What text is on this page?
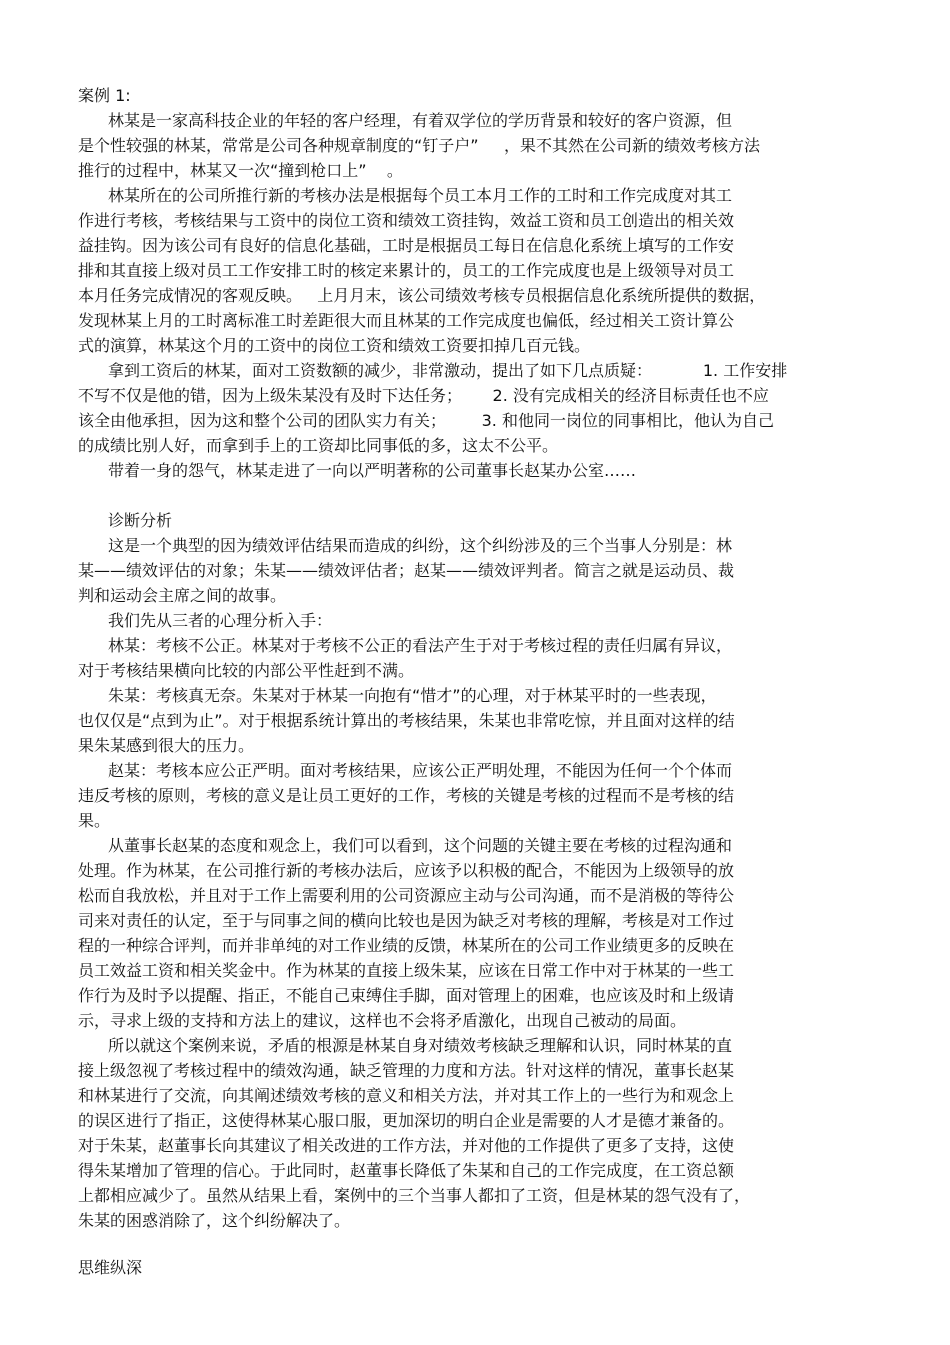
案例 1:
林某是一家高科技企业的年轻的客户经理，有着双学位的学历背景和较好的客户资源，但
是个性较强的林某，常常是公司各种规章制度的“钉子户”     ，果不其然在公司新的绩效考核方法
推行的过程中，林某又一次“撞到枪口上”    。
林某所在的公司所推行新的考核办法是根据每个员工本月工作的工时和工作完成度对其工
作进行考核，考核结果与工资中的岗位工资和绩效工资挂钩，效益工资和员工创造出的相关效
益挂钩。因为该公司有良好的信息化基础，工时是根据员工每日在信息化系统上填写的工作安
排和其直接上级对员工工作安排工时的核定来累计的，员工的工作完成度也是上级领导对员工
本月任务完成情况的客观反映。   上月月末，该公司绩效考核专员根据信息化系统所提供的数据，
发现林某上月的工时离标准工时差距很大而且林某的工作完成度也偏低，经过相关工资计算公
式的演算，林某这个月的工资中的岗位工资和绩效工资要扣掉几百元钱。
拿到工资后的林某，面对工资数额的减少，非常激动，提出了如下几点质疑：          1. 工作安排
不写不仅是他的错，因为上级朱某没有及时下达任务；      2. 没有完成相关的经济目标责任也不应
该全由他承担，因为这和整个公司的团队实力有关；       3. 和他同一岗位的同事相比，他认为自己
的成绩比别人好，而拿到手上的工资却比同事低的多，这太不公平。
带着一身的怨气，林某走进了一向以严明著称的公司董事长赵某办公室……
诊断分析
这是一个典型的因为绩效评估结果而造成的纠纷，这个纠纷涉及的三个当事人分别是：林
某——绩效评估的对象；朱某——绩效评估者；赵某——绩效评判者。简言之就是运动员、裁
判和运动会主席之间的故事。
我们先从三者的心理分析入手：
林某：考核不公正。林某对于考核不公正的看法产生于对于考核过程的责任归属有异议，
对于考核结果横向比较的内部公平性赶到不满。
朱某：考核真无奈。朱某对于林某一向抱有“惜才”的心理，对于林某平时的一些表现，
也仅仅是“点到为止”。对于根据系统计算出的考核结果，朱某也非常吃惊，并且面对这样的结
果朱某感到很大的压力。
赵某：考核本应公正严明。面对考核结果，应该公正严明处理，不能因为任何一个个体而
违反考核的原则，考核的意义是让员工更好的工作，考核的关键是考核的过程而不是考核的结
果。
从董事长赵某的态度和观念上，我们可以看到，这个问题的关键主要在考核的过程沟通和
处理。作为林某，在公司推行新的考核办法后，应该予以积极的配合，不能因为上级领导的放
松而自我放松，并且对于工作上需要利用的公司资源应主动与公司沟通，而不是消极的等待公
司来对责任的认定，至于与同事之间的横向比较也是因为缺乏对考核的理解，考核是对工作过
程的一种综合评判，而并非单纯的对工作业绩的反馈，林某所在的公司工作业绩更多的反映在
员工效益工资和相关奖金中。作为林某的直接上级朱某，应该在日常工作中对于林某的一些工
作行为及时予以提醒、指正，不能自己束缚住手脚，面对管理上的困难，也应该及时和上级请
示，寻求上级的支持和方法上的建议，这样也不会将矛盾激化，出现自己被动的局面。
所以就这个案例来说，矛盾的根源是林某自身对绩效考核缺乏理解和认识，同时林某的直
接上级忽视了考核过程中的绩效沟通，缺乏管理的力度和方法。针对这样的情况，董事长赵某
和林某进行了交流，向其阐述绩效考核的意义和相关方法，并对其工作上的一些行为和观念上
的误区进行了指正，这使得林某心服口服，更加深切的明白企业是需要的人才是德才兼备的。
对于朱某，赵董事长向其建议了相关改进的工作方法，并对他的工作提供了更多了支持，这使
得朱某增加了管理的信心。于此同时，赵董事长降低了朱某和自己的工作完成度，在工资总额
上都相应减少了。虽然从结果上看，案例中的三个当事人都扣了工资，但是林某的怨气没有了，
朱某的困惑消除了，这个纠纷解决了。
思维纵深
